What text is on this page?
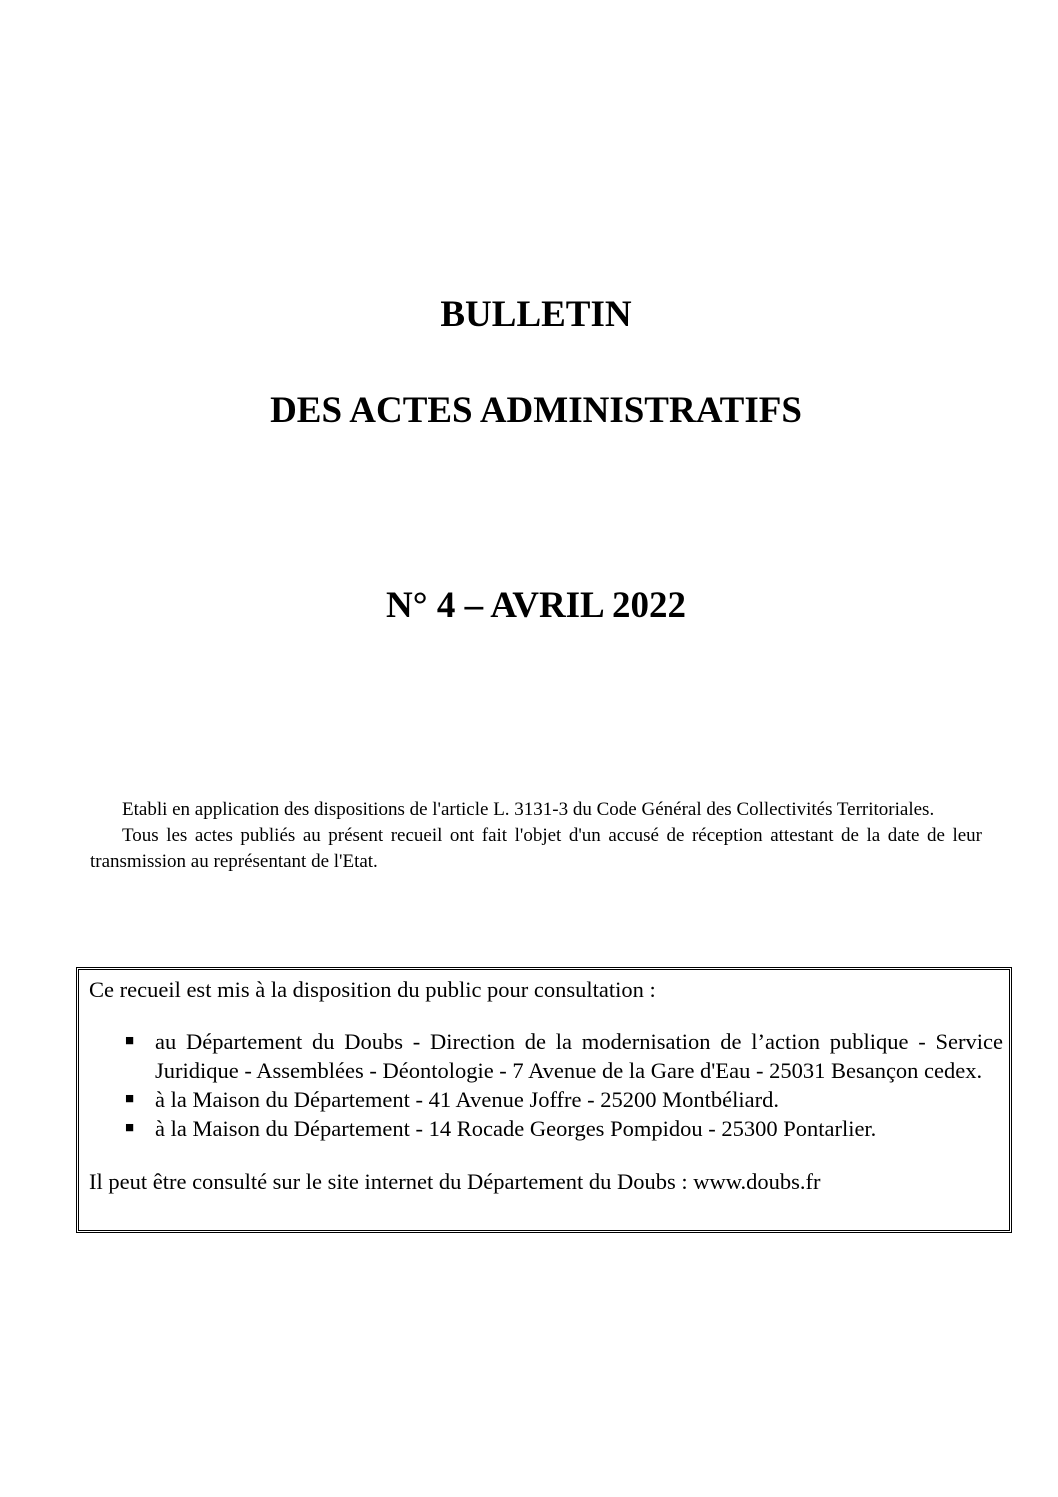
BULLETIN
DES ACTES ADMINISTRATIFS
N° 4 – AVRIL 2022

Etabli en application des dispositions de l'article L. 3131-3 du Code Général des Collectivités Territoriales.

Tous les actes publiés au présent recueil ont fait l'objet d'un accusé de réception attestant de la date de leur transmission au représentant de l'Etat.

Ce recueil est mis à la disposition du public pour consultation :

■ au Département du Doubs - Direction de la modernisation de l’action publique - Service Juridique - Assemblées - Déontologie - 7 Avenue de la Gare d'Eau - 25031 Besançon cedex.
■ à la Maison du Département - 41 Avenue Joffre - 25200 Montbéliard.
■ à la Maison du Département - 14 Rocade Georges Pompidou - 25300 Pontarlier.

Il peut être consulté sur le site internet du Département du Doubs : www.doubs.fr
